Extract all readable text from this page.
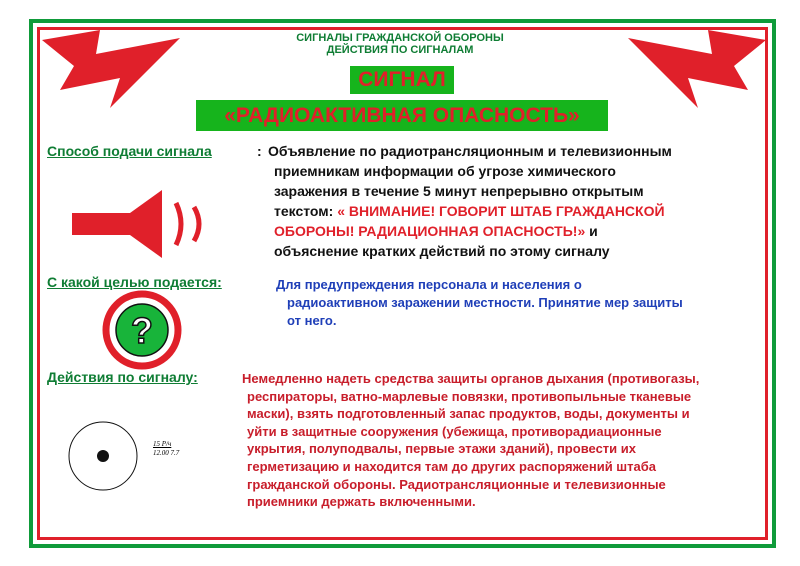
СИГНАЛЫ ГРАЖДАНСКОЙ ОБОРОНЫ
ДЕЙСТВИЯ ПО СИГНАЛАМ
СИГНАЛ
«РАДИОАКТИВНАЯ ОПАСНОСТЬ»
Способ подачи сигнала	: Объявление по радиотрансляционным и телевизионным
приемникам информации об угрозе химического
заражения в течение 5 минут непрерывно открытым
текстом: « ВНИМАНИЕ! ГОВОРИТ ШТАБ ГРАЖДАНСКОЙ
ОБОРОНЫ! РАДИАЦИОННАЯ ОПАСНОСТЬ!» и
объяснение кратких действий по этому сигналу
С какой целью подается:	Для предупреждения персонала и населения о
радиоактивном заражении местности. Принятие мер защиты
от него.
?
Действия по сигналу:	Немедленно надеть средства защиты органов дыхания (противогазы,
респираторы, ватно-марлевые повязки, противопыльные тканевые
маски), взять подготовленный запас продуктов, воды, документы и
уйти в защитные сооружения (убежища, противорадиационные
укрытия, полуподвалы, первые этажи зданий), провести их
герметизацию и находится там до других распоряжений штаба
гражданской обороны. Радиотрансляционные и телевизионные
приемники держать включенными.
15 Р/ч
12.00 7.7
